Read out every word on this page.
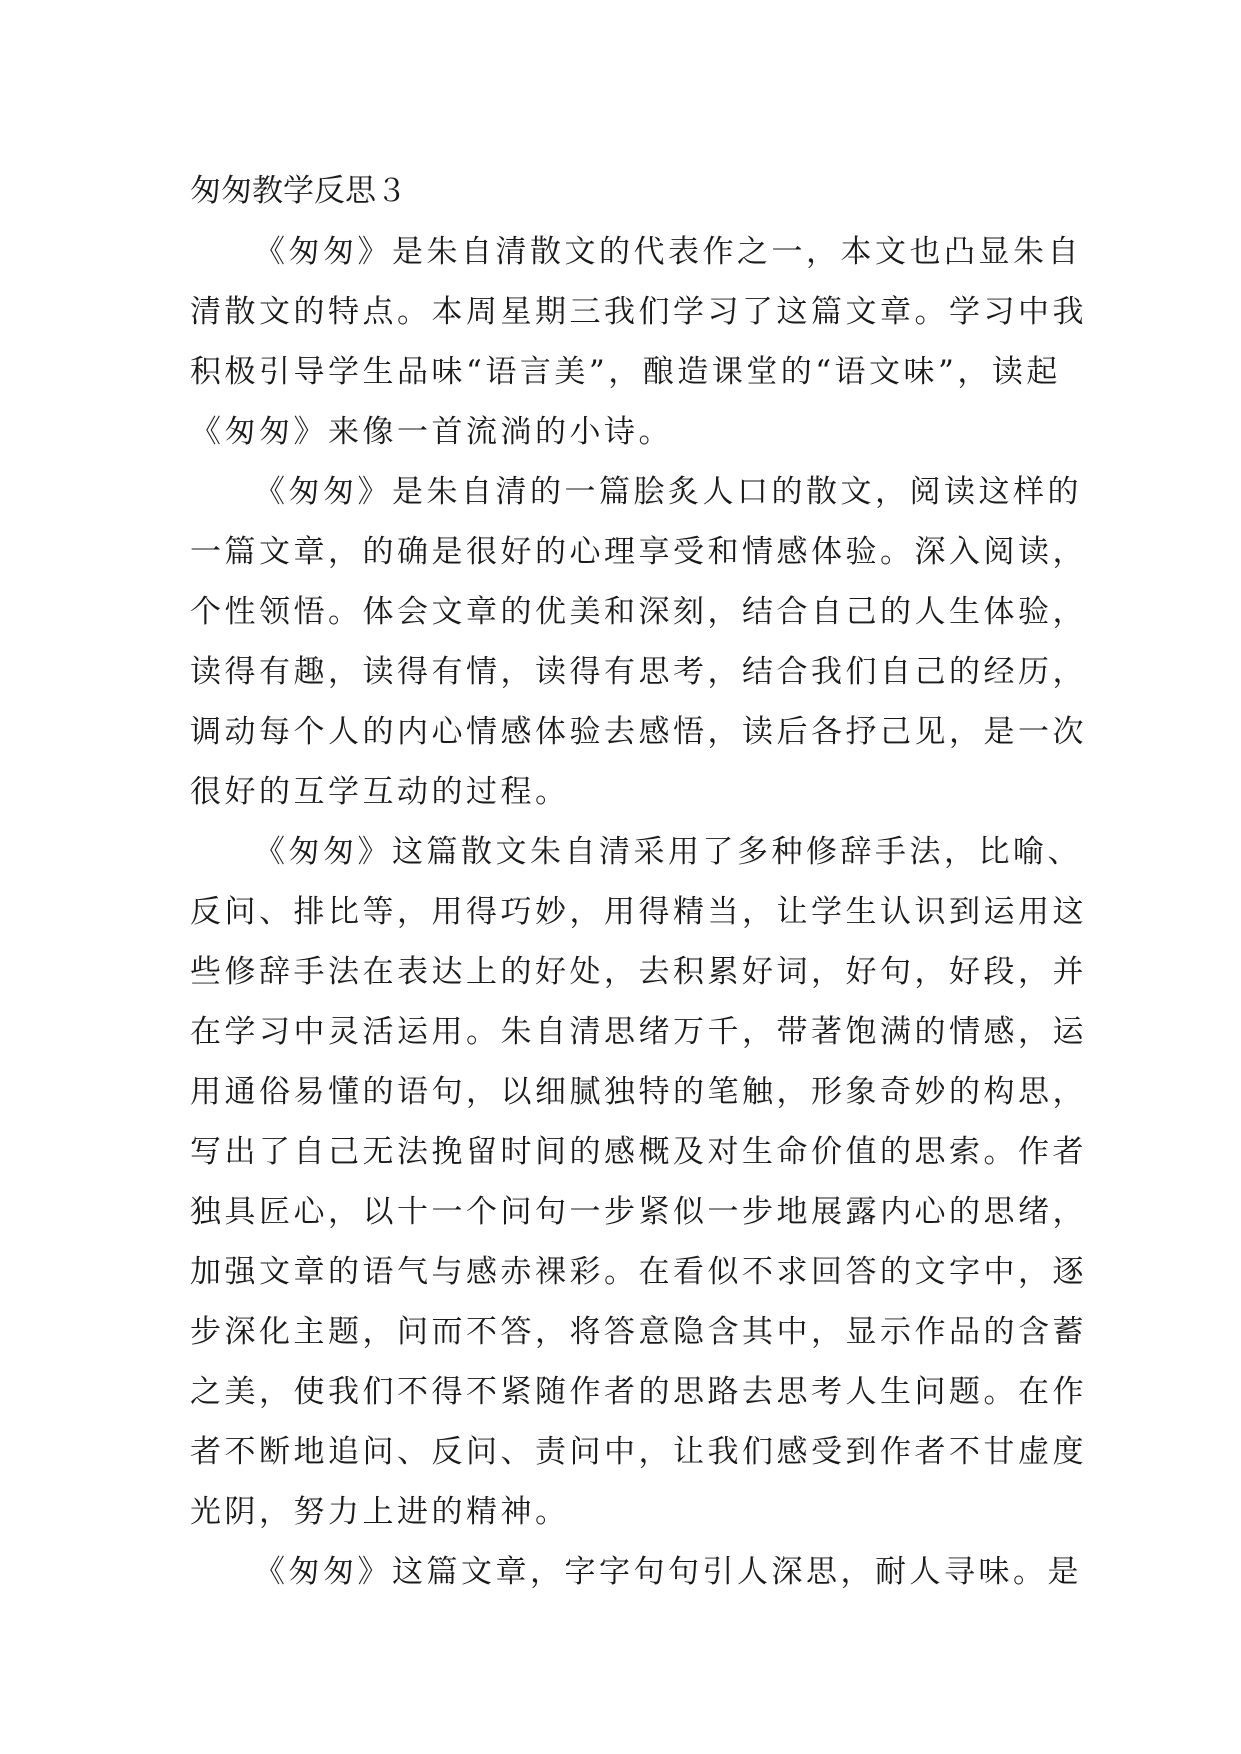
匆匆教学反思３
《匆匆》是朱自清散文的代表作之一，本文也凸显朱自
清散文的特点。本周星期三我们学习了这篇文章。学习中我
积极引导学生品味“语言美”，酿造课堂的“语文味”，读起
《匆匆》来像一首流淌的小诗。
《匆匆》是朱自清的一篇脍炙人口的散文，阅读这样的
一篇文章，的确是很好的心理享受和情感体验。深入阅读，
个性领悟。体会文章的优美和深刻，结合自己的人生体验，
读得有趣，读得有情，读得有思考，结合我们自己的经历，
调动每个人的内心情感体验去感悟，读后各抒己见，是一次
很好的互学互动的过程。
《匆匆》这篇散文朱自清采用了多种修辞手法，比喻、
反问、排比等，用得巧妙，用得精当，让学生认识到运用这
些修辞手法在表达上的好处，去积累好词，好句，好段，并
在学习中灵活运用。朱自清思绪万千，带著饱满的情感，运
用通俗易懂的语句，以细腻独特的笔触，形象奇妙的构思，
写出了自己无法挽留时间的感概及对生命价值的思索。作者
独具匠心，以十一个问句一步紧似一步地展露内心的思绪，
加强文章的语气与感赤裸彩。在看似不求回答的文字中，逐
步深化主题，问而不答，将答意隐含其中，显示作品的含蓄
之美，使我们不得不紧随作者的思路去思考人生问题。在作
者不断地追问、反问、责问中，让我们感受到作者不甘虚度
光阴，努力上进的精神。
《匆匆》这篇文章，字字句句引人深思，耐人寻味。是
